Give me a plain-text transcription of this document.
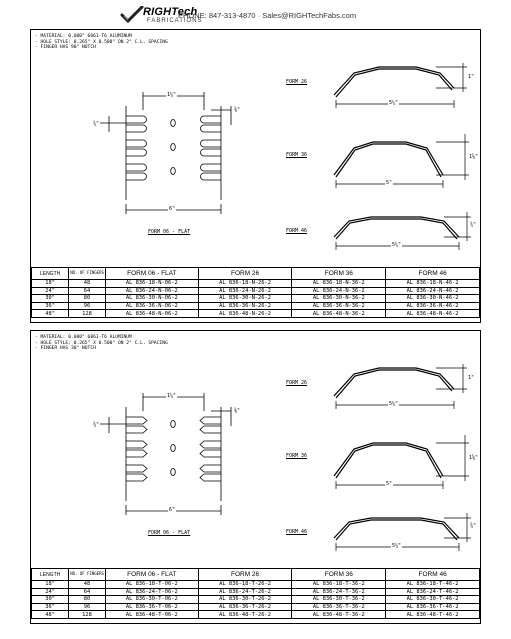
RIGHTech
FABRICATIONS
PHONE: 847-313-4870 · Sales@RIGHTechFabs.com
- MATERIAL: 0.080" 6061-T6 ALUMINUM
- HOLE STYLE: 0.265" X 0.500" ON 2" C.L. SPACING
- FINGER HAS 90° NOTCH
1¼"
⅜"
¾"
6"
FORM 06 - FLAT
FORM 26
5¼"
1"
FORM 36
5"
1⅝"
FORM 46
5¼"
¾"
LENGTH	NO. OF FINGERS	FORM 06 - FLAT	FORM 26	FORM 36	FORM 46
18"	48	AL 836-18-N-06-2	AL 836-18-N-26-2	AL 836-18-N-36-2	AL 836-18-N-46-2
24"	64	AL 836-24-N-06-2	AL 836-24-N-26-2	AL 836-24-N-36-2	AL 836-24-N-46-2
30"	80	AL 836-30-N-06-2	AL 836-30-N-26-2	AL 836-30-N-36-2	AL 836-30-N-46-2
36"	96	AL 836-36-N-06-2	AL 836-36-N-26-2	AL 836-36-N-36-2	AL 836-36-N-46-2
48"	128	AL 836-48-N-06-2	AL 836-48-N-26-2	AL 836-48-N-36-2	AL 836-48-N-46-2
- MATERIAL: 0.080" 6061-T6 ALUMINUM
- HOLE STYLE: 0.265" X 0.500" ON 2" C.L. SPACING
- FINGER HAS 30° NOTCH
1¼"
⅜"
¾"
6"
FORM 06 - FLAT
FORM 26
5¼"
1"
FORM 36
5"
1⅝"
FORM 46
5¼"
¾"
LENGTH	NO. OF FINGERS	FORM 06 - FLAT	FORM 26	FORM 36	FORM 46
18"	48	AL 836-18-T-06-2	AL 836-18-T-26-2	AL 836-18-T-36-2	AL 836-18-T-46-2
24"	64	AL 836-24-T-06-2	AL 836-24-T-26-2	AL 836-24-T-36-2	AL 836-24-T-46-2
30"	80	AL 836-30-T-06-2	AL 836-30-T-26-2	AL 836-30-T-36-2	AL 836-30-T-46-2
36"	96	AL 836-36-T-06-2	AL 836-36-T-26-2	AL 836-36-T-36-2	AL 836-36-T-46-2
48"	128	AL 836-48-T-06-2	AL 836-48-T-26-2	AL 836-48-T-36-2	AL 836-48-T-46-2
